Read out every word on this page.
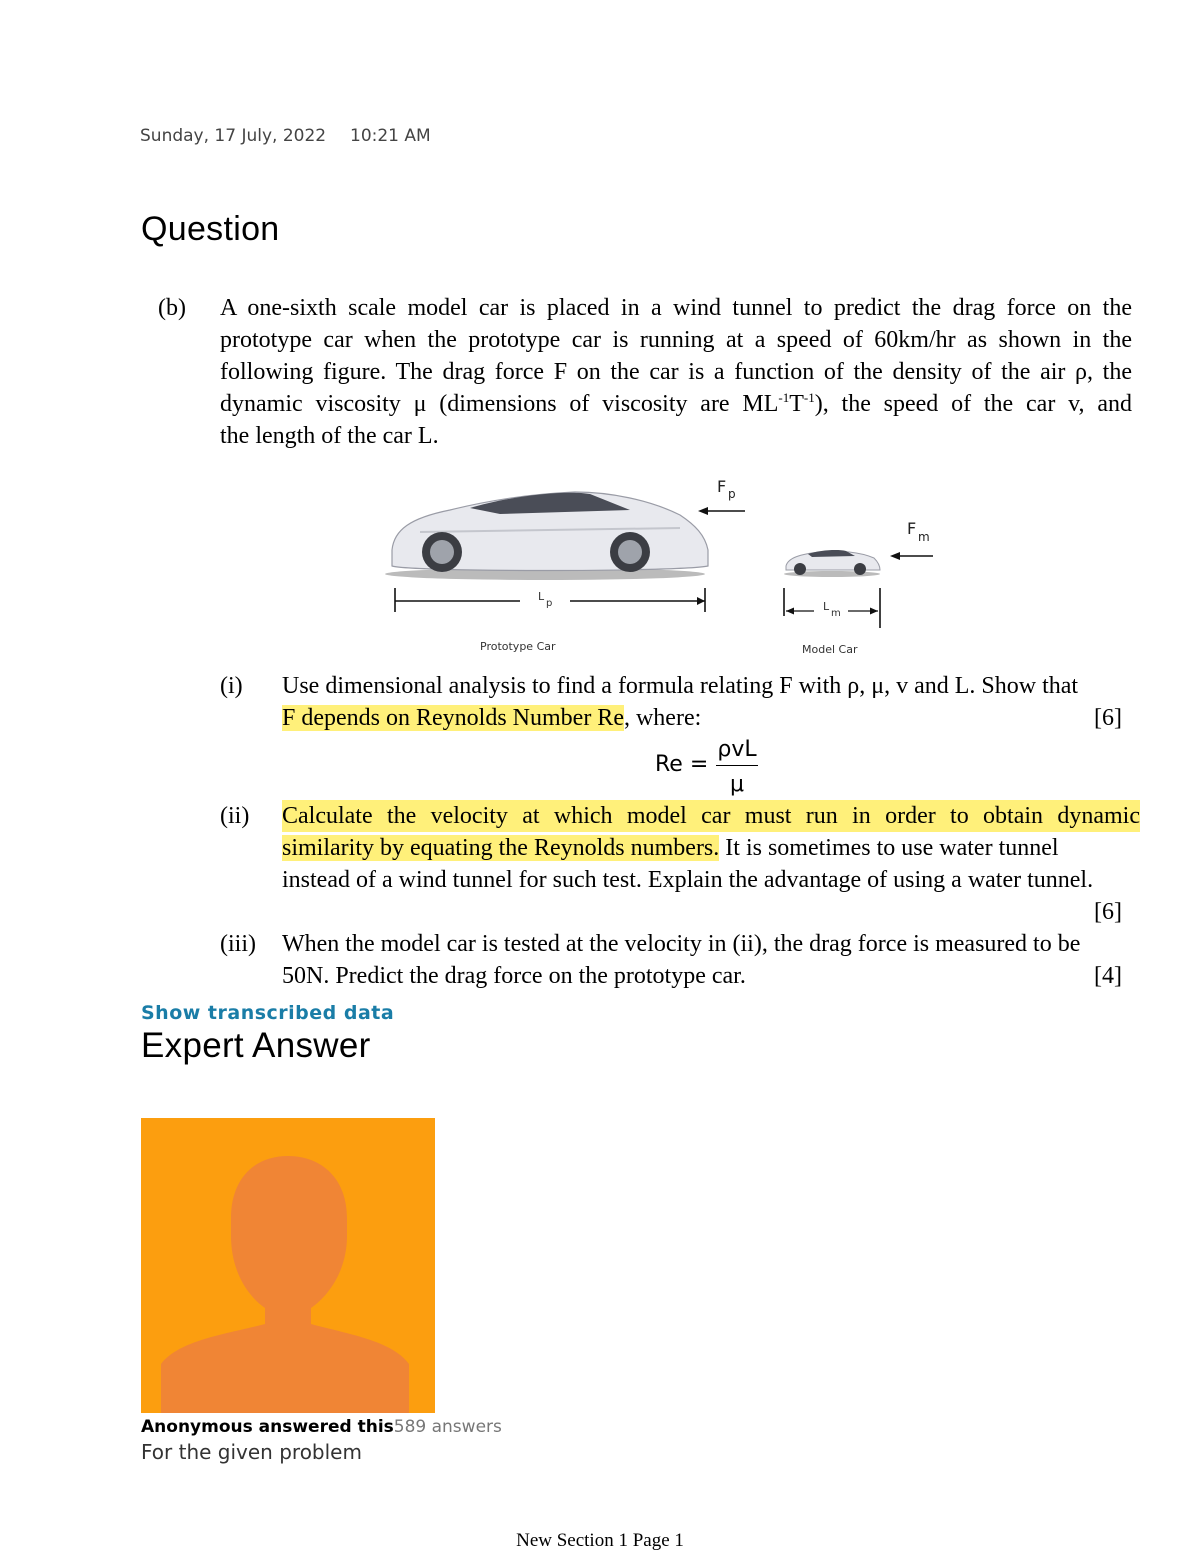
Sunday, 17 July, 2022 10:21 AM
Question
(b) A one-sixth scale model car is placed in a wind tunnel to predict the drag force on the
prototype car when the prototype car is running at a speed of 60km/hr as shown in the
following figure. The drag force F on the car is a function of the density of the air ρ, the
dynamic viscosity μ (dimensions of viscosity are $ML^{-1}T^{-1}$), the speed of the car v, and
the length of the car L.
F p
F m
L
p	L
m
Prototype Car	Model Car
(i) Use dimensional analysis to find a formula relating F with ρ, μ, v and L. Show that
F depends on Reynolds Number Re, where:	[6]
Re =
ρvL
μ
(ii) Calculate the velocity at which model car must run in order to obtain dynamic
similarity by equating the Reynolds numbers. It is sometimes to use water tunnel
instead of a wind tunnel for such test. Explain the advantage of using a water tunnel.
[6]
(iii) When the model car is tested at the velocity in (ii), the drag force is measured to be
50N. Predict the drag force on the prototype car.	[4]
Show transcribed data
Expert Answer
Anonymous answered this589 answers
For the given problem
New Section 1 Page 1
